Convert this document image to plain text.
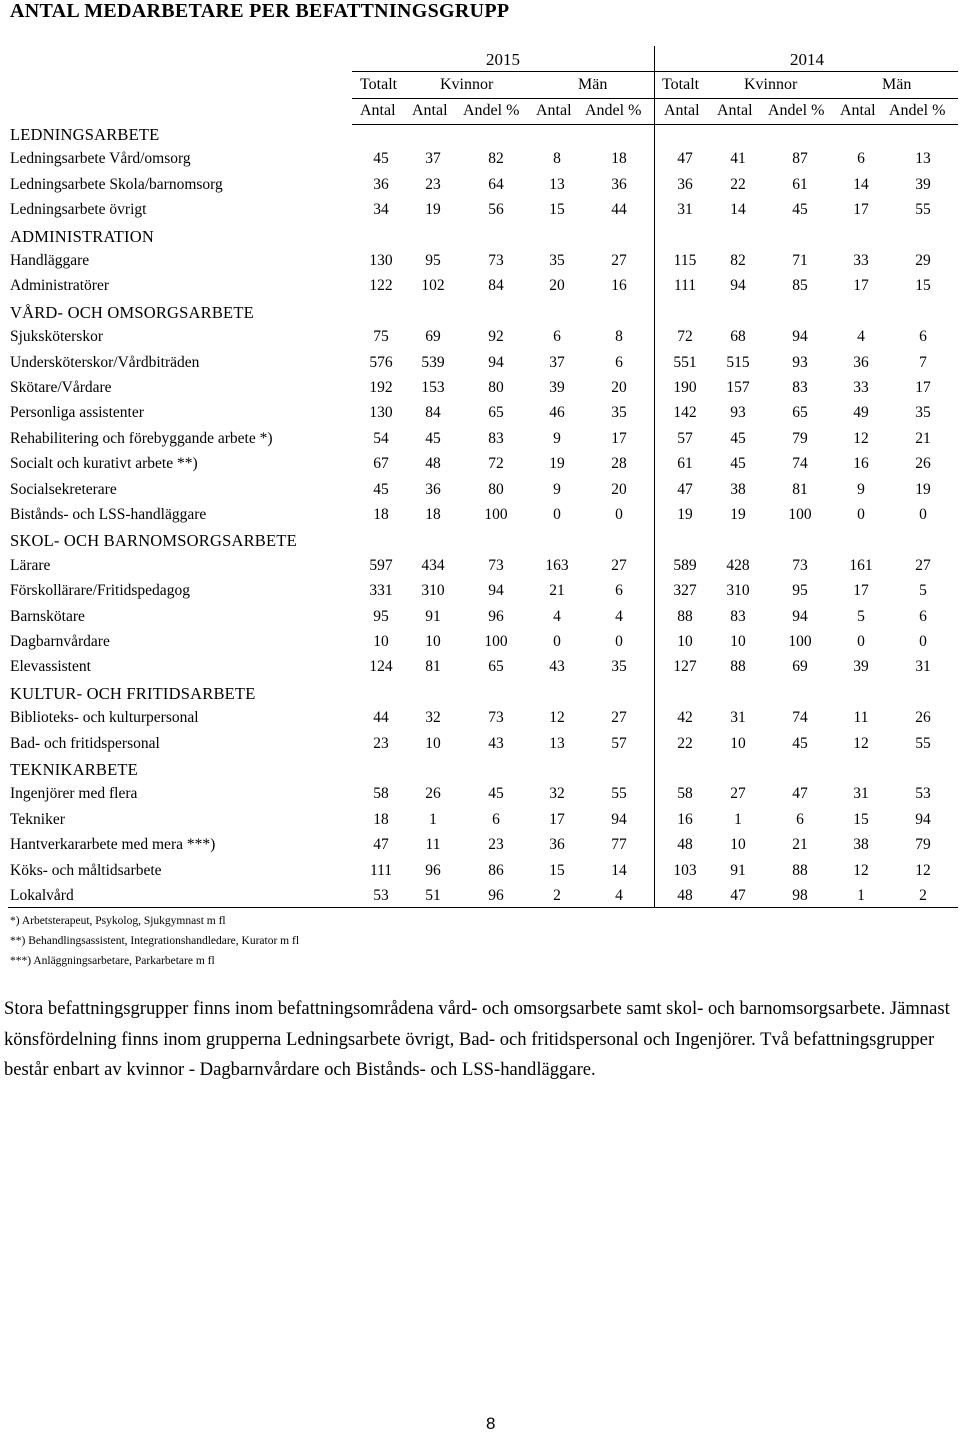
ANTAL MEDARBETARE PER BEFATTNINGSGRUPP
2015	2014
Totalt	Kvinnor	Män	Totalt	Kvinnor	Män
Antal Antal Andel % Antal Andel % Antal Antal Andel % Antal Andel %
LEDNINGSARBETE
Ledningsarbete Vård/omsorg	45	37	82	8	18	47	41	87	6	13
Ledningsarbete Skola/barnomsorg	36	23	64	13	36	36	22	61	14	39
Ledningsarbete övrigt	34	19	56	15	44	31	14	45	17	55
ADMINISTRATION
Handläggare	130	95	73	35	27	115	82	71	33	29
Administratörer	122	102	84	20	16	111	94	85	17	15
VÅRD- OCH OMSORGSARBETE
Sjuksköterskor	75	69	92	6	8	72	68	94	4	6
Undersköterskor/Vårdbiträden	576	539	94	37	6	551	515	93	36	7
Skötare/Vårdare	192	153	80	39	20	190	157	83	33	17
Personliga assistenter	130	84	65	46	35	142	93	65	49	35
Rehabilitering och förebyggande arbete *)	54	45	83	9	17	57	45	79	12	21
Socialt och kurativt arbete **)	67	48	72	19	28	61	45	74	16	26
Socialsekreterare	45	36	80	9	20	47	38	81	9	19
Bistånds- och LSS-handläggare	18	18	100	0	0	19	19	100	0	0
SKOL- OCH BARNOMSORGSARBETE
Lärare	597	434	73	163	27	589	428	73	161	27
Förskollärare/Fritidspedagog	331	310	94	21	6	327	310	95	17	5
Barnskötare	95	91	96	4	4	88	83	94	5	6
Dagbarnvårdare	10	10	100	0	0	10	10	100	0	0
Elevassistent	124	81	65	43	35	127	88	69	39	31
KULTUR- OCH FRITIDSARBETE
Biblioteks- och kulturpersonal	44	32	73	12	27	42	31	74	11	26
Bad- och fritidspersonal	23	10	43	13	57	22	10	45	12	55
TEKNIKARBETE
Ingenjörer med flera	58	26	45	32	55	58	27	47	31	53
Tekniker	18	1	6	17	94	16	1	6	15	94
Hantverkararbete med mera ***)	47	11	23	36	77	48	10	21	38	79
Köks- och måltidsarbete	111	96	86	15	14	103	91	88	12	12
Lokalvård	53	51	96	2	4	48	47	98	1	2
*) Arbetsterapeut, Psykolog, Sjukgymnast m fl
**) Behandlingsassistent, Integrationshandledare, Kurator m fl
***) Anläggningsarbetare, Parkarbetare m fl
Stora befattningsgrupper finns inom befattningsområdena vård- och omsorgsarbete samt skol- och barnomsorgsarbete. Jämnast könsfördelning finns inom grupperna Ledningsarbete övrigt, Bad- och fritidspersonal och Ingenjörer. Två befattningsgrupper består enbart av kvinnor - Dagbarnvårdare och Bistånds- och LSS-handläggare.
8
